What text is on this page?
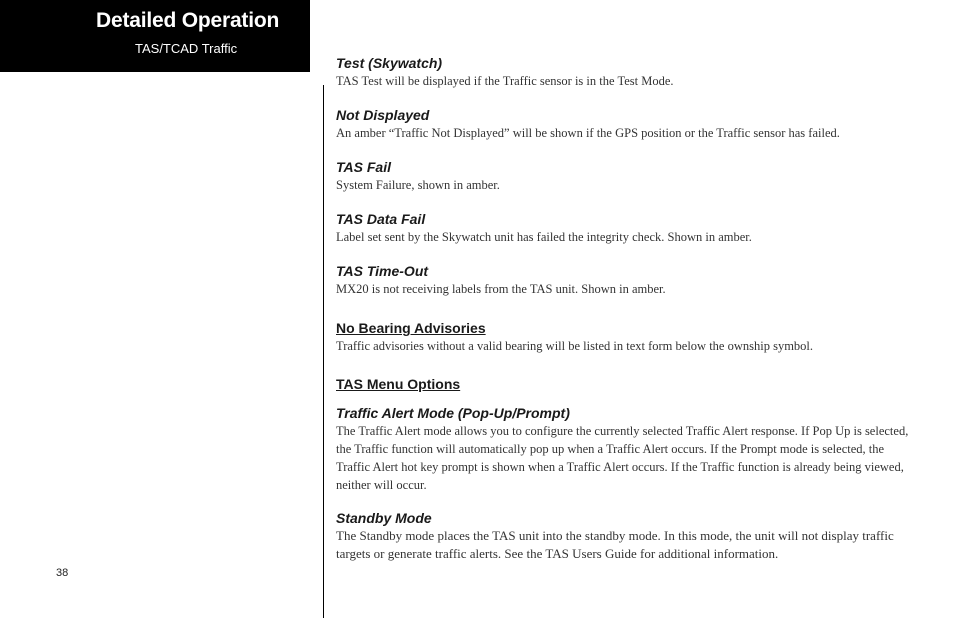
Detailed Operation
TAS/TCAD Traffic
38
Test (Skywatch)
TAS Test will be displayed if the Traffic sensor is in the Test Mode.
Not Displayed
An amber “Traffic Not Displayed” will be shown if the GPS position or the Traffic sensor has failed.
TAS Fail
System Failure, shown in amber.
TAS Data Fail
Label set sent by the Skywatch unit has failed the integrity check. Shown in amber.
TAS Time-Out
MX20 is not receiving labels from the TAS unit. Shown in amber.
No Bearing Advisories
Traffic advisories without a valid bearing will be listed in text form below the ownship symbol.
TAS Menu Options
Traffic Alert Mode (Pop-Up/Prompt)
The Traffic Alert mode allows you to configure the currently selected Traffic Alert response. If Pop Up is selected, the Traffic function will automatically pop up when a Traffic Alert occurs. If the Prompt mode is selected, the Traffic Alert hot key prompt is shown when a Traffic Alert occurs. If the Traffic function is already being viewed, neither will occur.
Standby Mode
The Standby mode places the TAS unit into the standby mode. In this mode, the unit will not display traffic targets or generate traffic alerts. See the TAS Users Guide for additional information.
